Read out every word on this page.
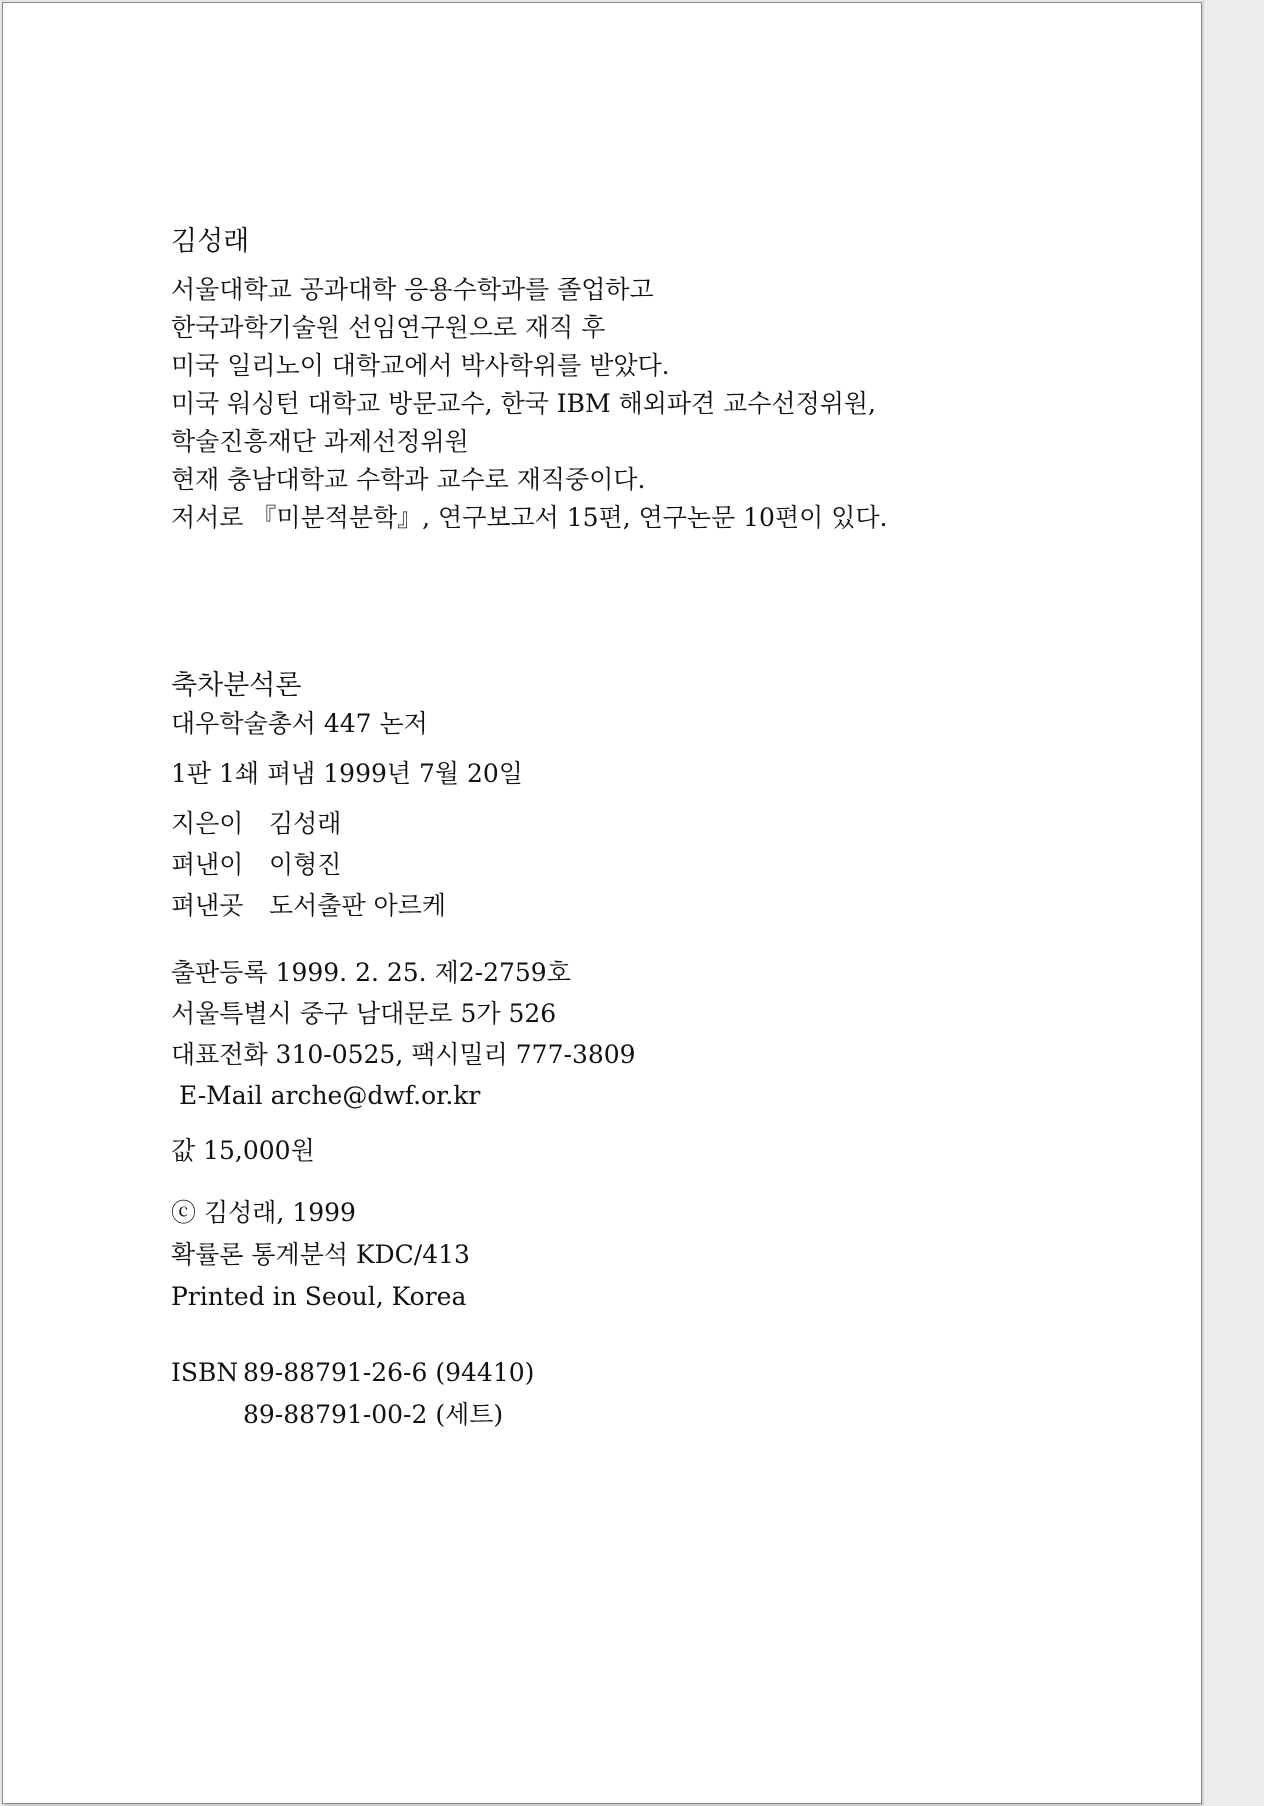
김성래
서울대학교 공과대학 응용수학과를 졸업하고
한국과학기술원 선임연구원으로 재직 후
미국 일리노이 대학교에서 박사학위를 받았다.
미국 워싱턴 대학교 방문교수, 한국 IBM 해외파견 교수선정위원,
학술진흥재단 과제선정위원
현재 충남대학교 수학과 교수로 재직중이다.
저서로 『미분적분학』, 연구보고서 15편, 연구논문 10편이 있다.
축차분석론
대우학술총서 447 논저
1판 1쇄 펴냄 1999년 7월 20일
지은이 김성래
펴낸이 이형진
펴낸곳 도서출판 아르케
출판등록 1999. 2. 25. 제2-2759호
서울특별시 중구 남대문로 5가 526
대표전화 310-0525, 팩시밀리 777-3809
E-Mail arche@dwf.or.kr
값 15,000원
ⓒ 김성래, 1999
확률론 통계분석 KDC/413
Printed in Seoul, Korea
ISBN 89-88791-26-6 (94410)
89-88791-00-2 (세트)
